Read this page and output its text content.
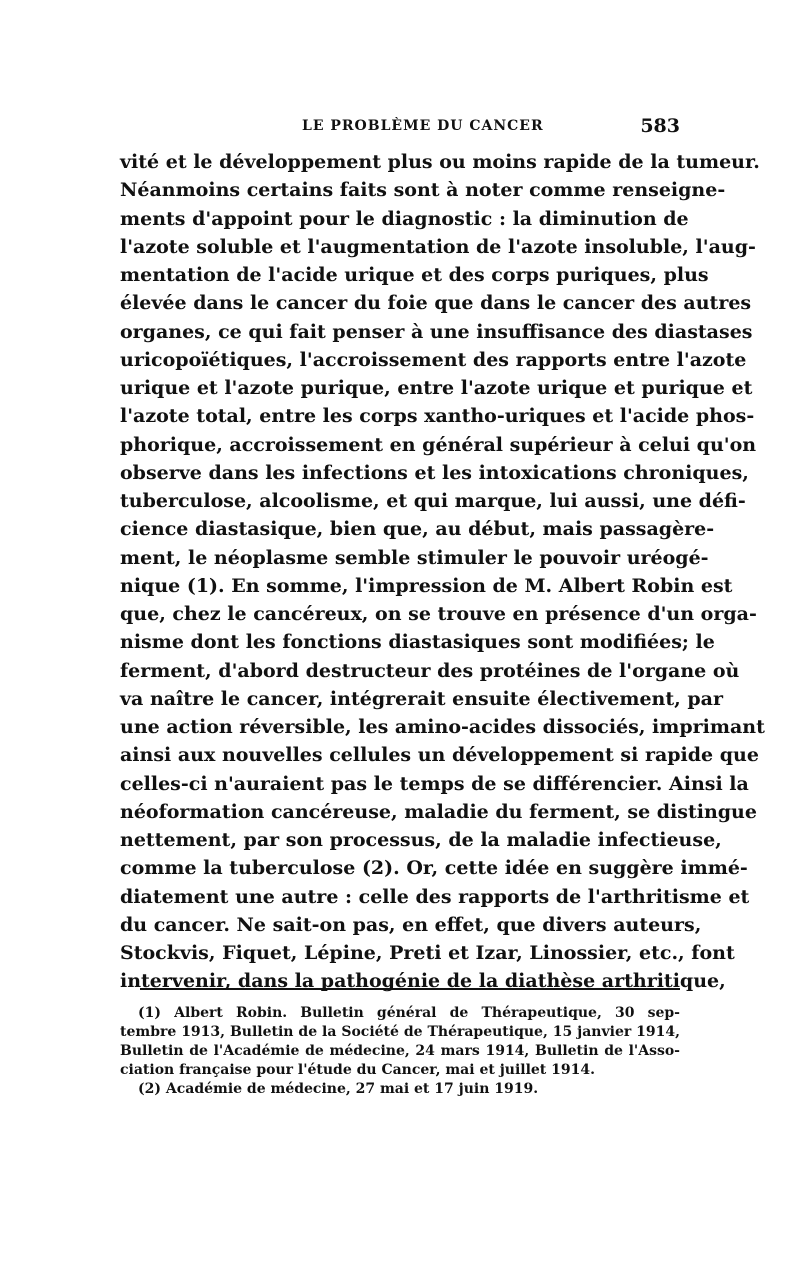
LE PROBLÈME DU CANCER	583
vité et le développement plus ou moins rapide de la tumeur.
Néanmoins certains faits sont à noter comme renseigne-
ments d'appoint pour le diagnostic : la diminution de
l'azote soluble et l'augmentation de l'azote insoluble, l'aug-
mentation de l'acide urique et des corps puriques, plus
élevée dans le cancer du foie que dans le cancer des autres
organes, ce qui fait penser à une insuffisance des diastases
uricopoïétiques, l'accroissement des rapports entre l'azote
urique et l'azote purique, entre l'azote urique et purique et
l'azote total, entre les corps xantho-uriques et l'acide phos-
phorique, accroissement en général supérieur à celui qu'on
observe dans les infections et les intoxications chroniques,
tuberculose, alcoolisme, et qui marque, lui aussi, une défi-
cience diastasique, bien que, au début, mais passagère-
ment, le néoplasme semble stimuler le pouvoir uréogé-
nique (1). En somme, l'impression de M. Albert Robin est
que, chez le cancéreux, on se trouve en présence d'un orga-
nisme dont les fonctions diastasiques sont modifiées; le
ferment, d'abord destructeur des protéines de l'organe où
va naître le cancer, intégrerait ensuite électivement, par
une action réversible, les amino-acides dissociés, imprimant
ainsi aux nouvelles cellules un développement si rapide que
celles-ci n'auraient pas le temps de se différencier. Ainsi la
néoformation cancéreuse, maladie du ferment, se distingue
nettement, par son processus, de la maladie infectieuse,
comme la tuberculose (2). Or, cette idée en suggère immé-
diatement une autre : celle des rapports de l'arthritisme et
du cancer. Ne sait-on pas, en effet, que divers auteurs,
Stockvis, Fiquet, Lépine, Preti et Izar, Linossier, etc., font
intervenir, dans la pathogénie de la diathèse arthritique,
(1) Albert Robin. Bulletin général de Thérapeutique, 30 sep-
tembre 1913, Bulletin de la Société de Thérapeutique, 15 janvier 1914,
Bulletin de l'Académie de médecine, 24 mars 1914, Bulletin de l'Asso-
ciation française pour l'étude du Cancer, mai et juillet 1914.
(2) Académie de médecine, 27 mai et 17 juin 1919.
